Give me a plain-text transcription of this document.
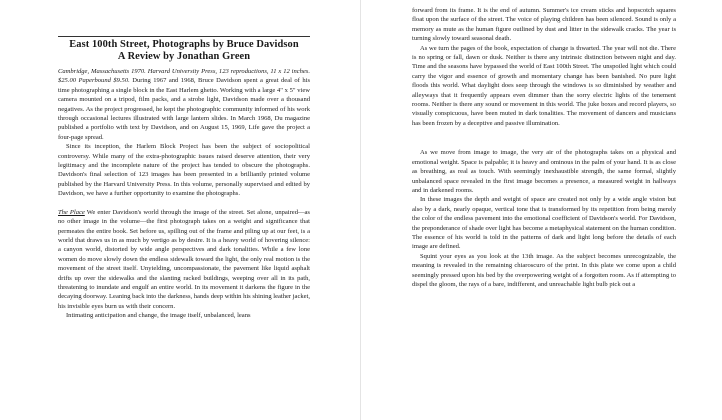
East 100th Street, Photographs by Bruce Davidson
A Review by Jonathan Green

Cambridge, Massachusetts 1970. Harvard University Press, 123 reproductions, 11 x 12 inches. $25.00 Paperbound $9.50. During 1967 and 1968, Bruce Davidson spent a great deal of his time photographing a single block in the East Harlem ghetto. Working with a large 4" x 5" view camera mounted on a tripod, film packs, and a strobe light, Davidson made over a thousand negatives. As the project progressed, he kept the photographic community informed of his work through occasional lectures illustrated with large lantern slides. In March 1968, Du magazine published a portfolio with text by Davidson, and on August 15, 1969, Life gave the project a four-page spread.

Since its inception, the Harlem Block Project has been the subject of sociopolitical controversy. While many of the extra-photographic issues raised deserve attention, their very legitimacy and the incomplete nature of the project has tended to obscure the photographs. Davidson's final selection of 123 images has been presented in a brilliantly printed volume published by the Harvard University Press. In this volume, personally supervised and edited by Davidson, we have a further opportunity to examine the photographs.

The Place We enter Davidson's world through the image of the street. Set alone, unpaired—as no other image in the volume—the first photograph takes on a weight and significance that permeates the entire book. Set before us, spilling out of the frame and piling up at our feet, is a world that draws us in as much by vertigo as by desire. It is a heavy world of hovering silence: a canyon world, distorted by wide angle perspectives and dark tonalities. While a few lone women do move slowly down the endless sidewalk toward the light, the only real motion is the movement of the street itself. Unyielding, uncompassionate, the pavement like liquid asphalt drifts up over the sidewalks and the slanting racked buildings, weeping over all in its path, threatening to inundate and engulf an entire world. In its movement it darkens the figure in the decaying doorway. Leaning back into the darkness, hands deep within his shining leather jacket, his invisible eyes burn us with their concern.

Intimating anticipation and change, the image itself, unbalanced, leans

forward from its frame. It is the end of autumn. Summer's ice cream sticks and hopscotch squares float upon the surface of the street. The voice of playing children has been silenced. Sound is only a memory as mute as the human figure outlined by dust and litter in the sidewalk cracks. The year is turning slowly toward seasonal death.

As we turn the pages of the book, expectation of change is thwarted. The year will not die. There is no spring or fall, dawn or dusk. Neither is there any intrinsic distinction between night and day. Time and the seasons have bypassed the world of East 100th Street. The unspoiled light which could carry the vigor and essence of growth and momentary change has been banished. No pure light floods this world. What daylight does seep through the windows is so diminished by weather and alleyways that it frequently appears even dimmer than the sorry electric lights of the tenement rooms. Neither is there any sound or movement in this world. The juke boxes and record players, so visually conspicuous, have been muted in dark tonalities. The movement of dancers and musicians has been frozen by a deceptive and passive illumination.

As we move from image to image, the very air of the photographs takes on a physical and emotional weight. Space is palpable; it is heavy and ominous in the palm of your hand. It is as close as breathing, as real as touch. With seemingly inexhaustible strength, the same formal, slightly unbalanced space revealed in the first image becomes a presence, a measured weight in hallways and in darkened rooms.

In these images the depth and weight of space are created not only by a wide angle vision but also by a dark, nearly opaque, vertical tone that is transformed by its repetition from being merely the color of the endless pavement into the emotional coefficient of Davidson's world. For Davidson, the preponderance of shade over light has become a metaphysical statement on the human condition. The essence of his world is told in the patterns of dark and light long before the details of each image are defined.

Squint your eyes as you look at the 13th image. As the subject becomes unrecognizable, the meaning is revealed in the remaining chiaroscuro of the print. In this plate we come upon a child seemingly pressed upon his bed by the overpowering weight of a forgotten room. As if attempting to dispel the gloom, the rays of a bare, indifferent, and unreachable light bulb pick out a
